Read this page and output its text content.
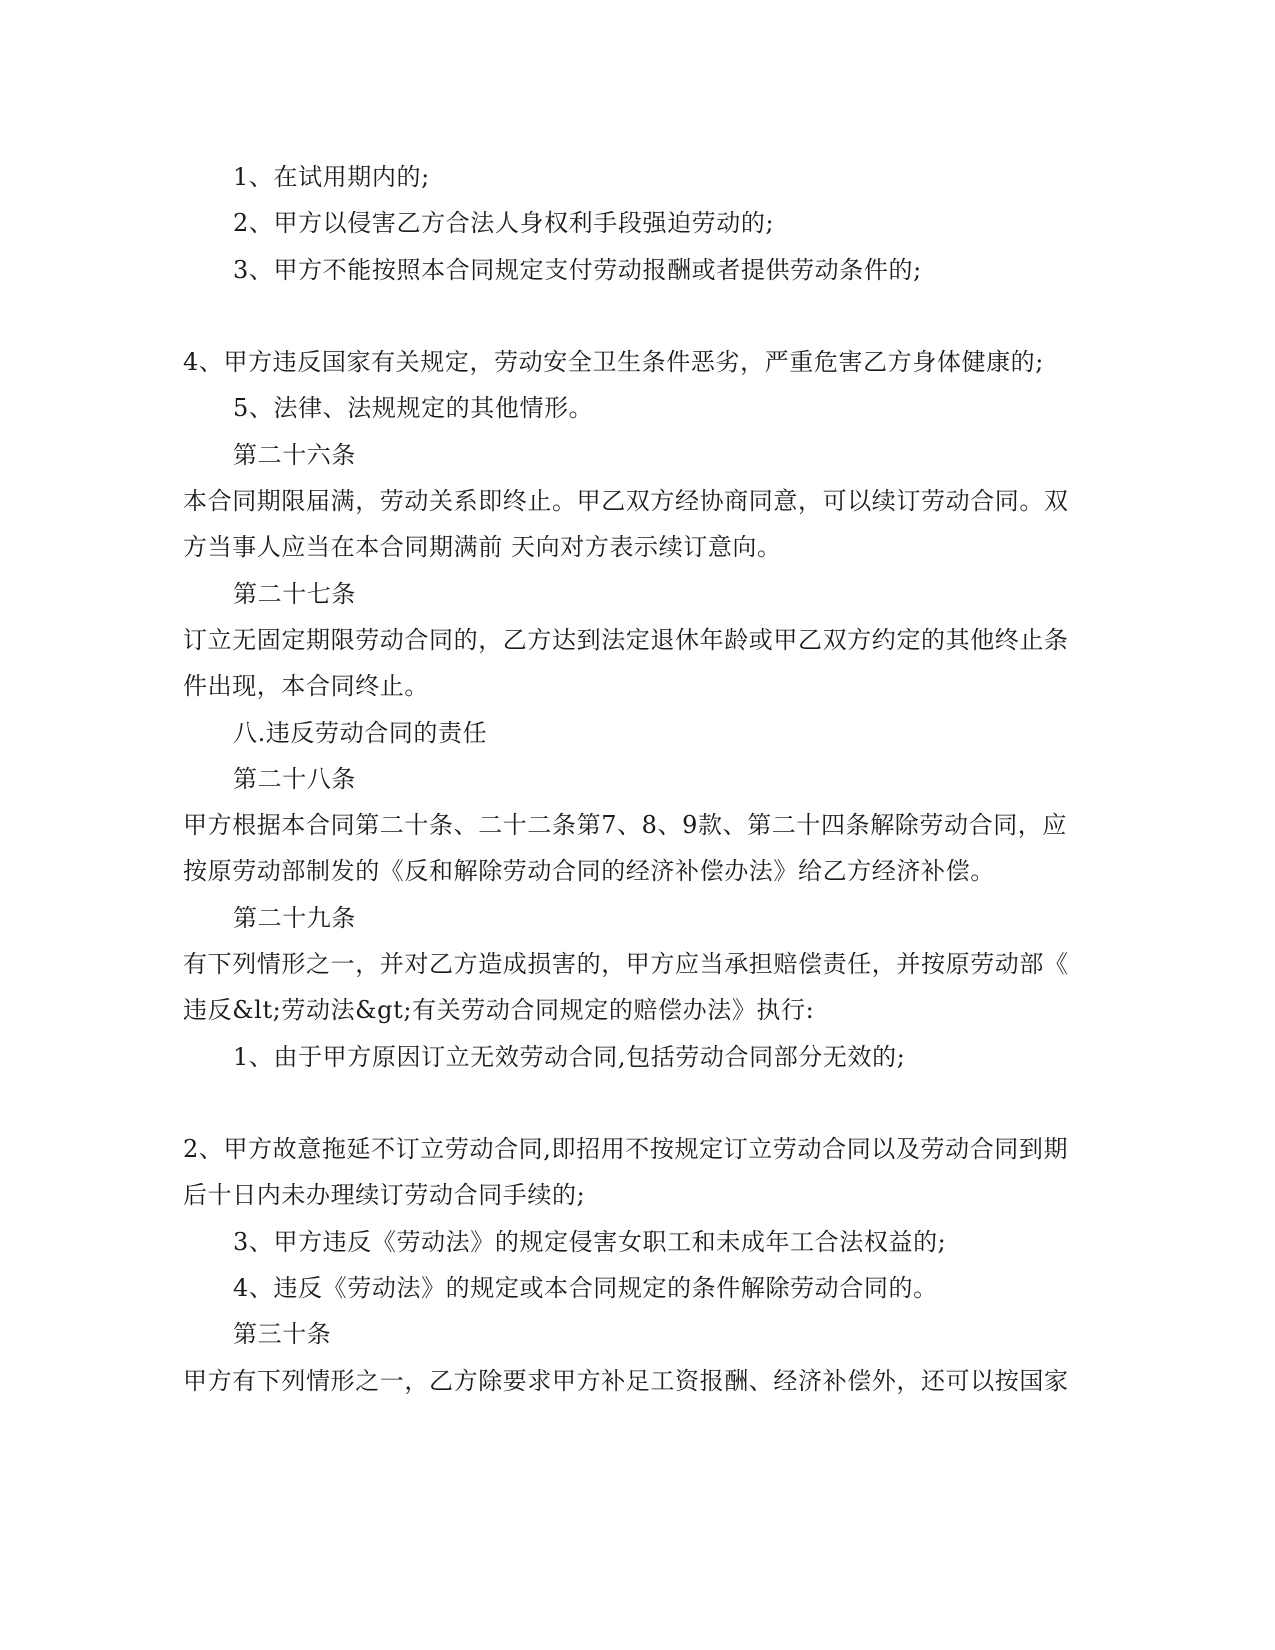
1、在试用期内的;
2、甲方以侵害乙方合法人身权利手段强迫劳动的;
3、甲方不能按照本合同规定支付劳动报酬或者提供劳动条件的;
4、甲方违反国家有关规定，劳动安全卫生条件恶劣，严重危害乙方身体健康的;
5、法律、法规规定的其他情形。
第二十六条
本合同期限届满，劳动关系即终止。甲乙双方经协商同意，可以续订劳动合同。双
方当事人应当在本合同期满前 天向对方表示续订意向。
第二十七条
订立无固定期限劳动合同的，乙方达到法定退休年龄或甲乙双方约定的其他终止条
件出现，本合同终止。
八.违反劳动合同的责任
第二十八条
甲方根据本合同第二十条、二十二条第7、8、9款、第二十四条解除劳动合同，应
按原劳动部制发的《反和解除劳动合同的经济补偿办法》给乙方经济补偿。
第二十九条
有下列情形之一，并对乙方造成损害的，甲方应当承担赔偿责任，并按原劳动部《
违反&lt;劳动法&gt;有关劳动合同规定的赔偿办法》执行:
1、由于甲方原因订立无效劳动合同,包括劳动合同部分无效的;
2、甲方故意拖延不订立劳动合同,即招用不按规定订立劳动合同以及劳动合同到期
后十日内未办理续订劳动合同手续的;
3、甲方违反《劳动法》的规定侵害女职工和未成年工合法权益的;
4、违反《劳动法》的规定或本合同规定的条件解除劳动合同的。
第三十条
甲方有下列情形之一，乙方除要求甲方补足工资报酬、经济补偿外，还可以按国家
